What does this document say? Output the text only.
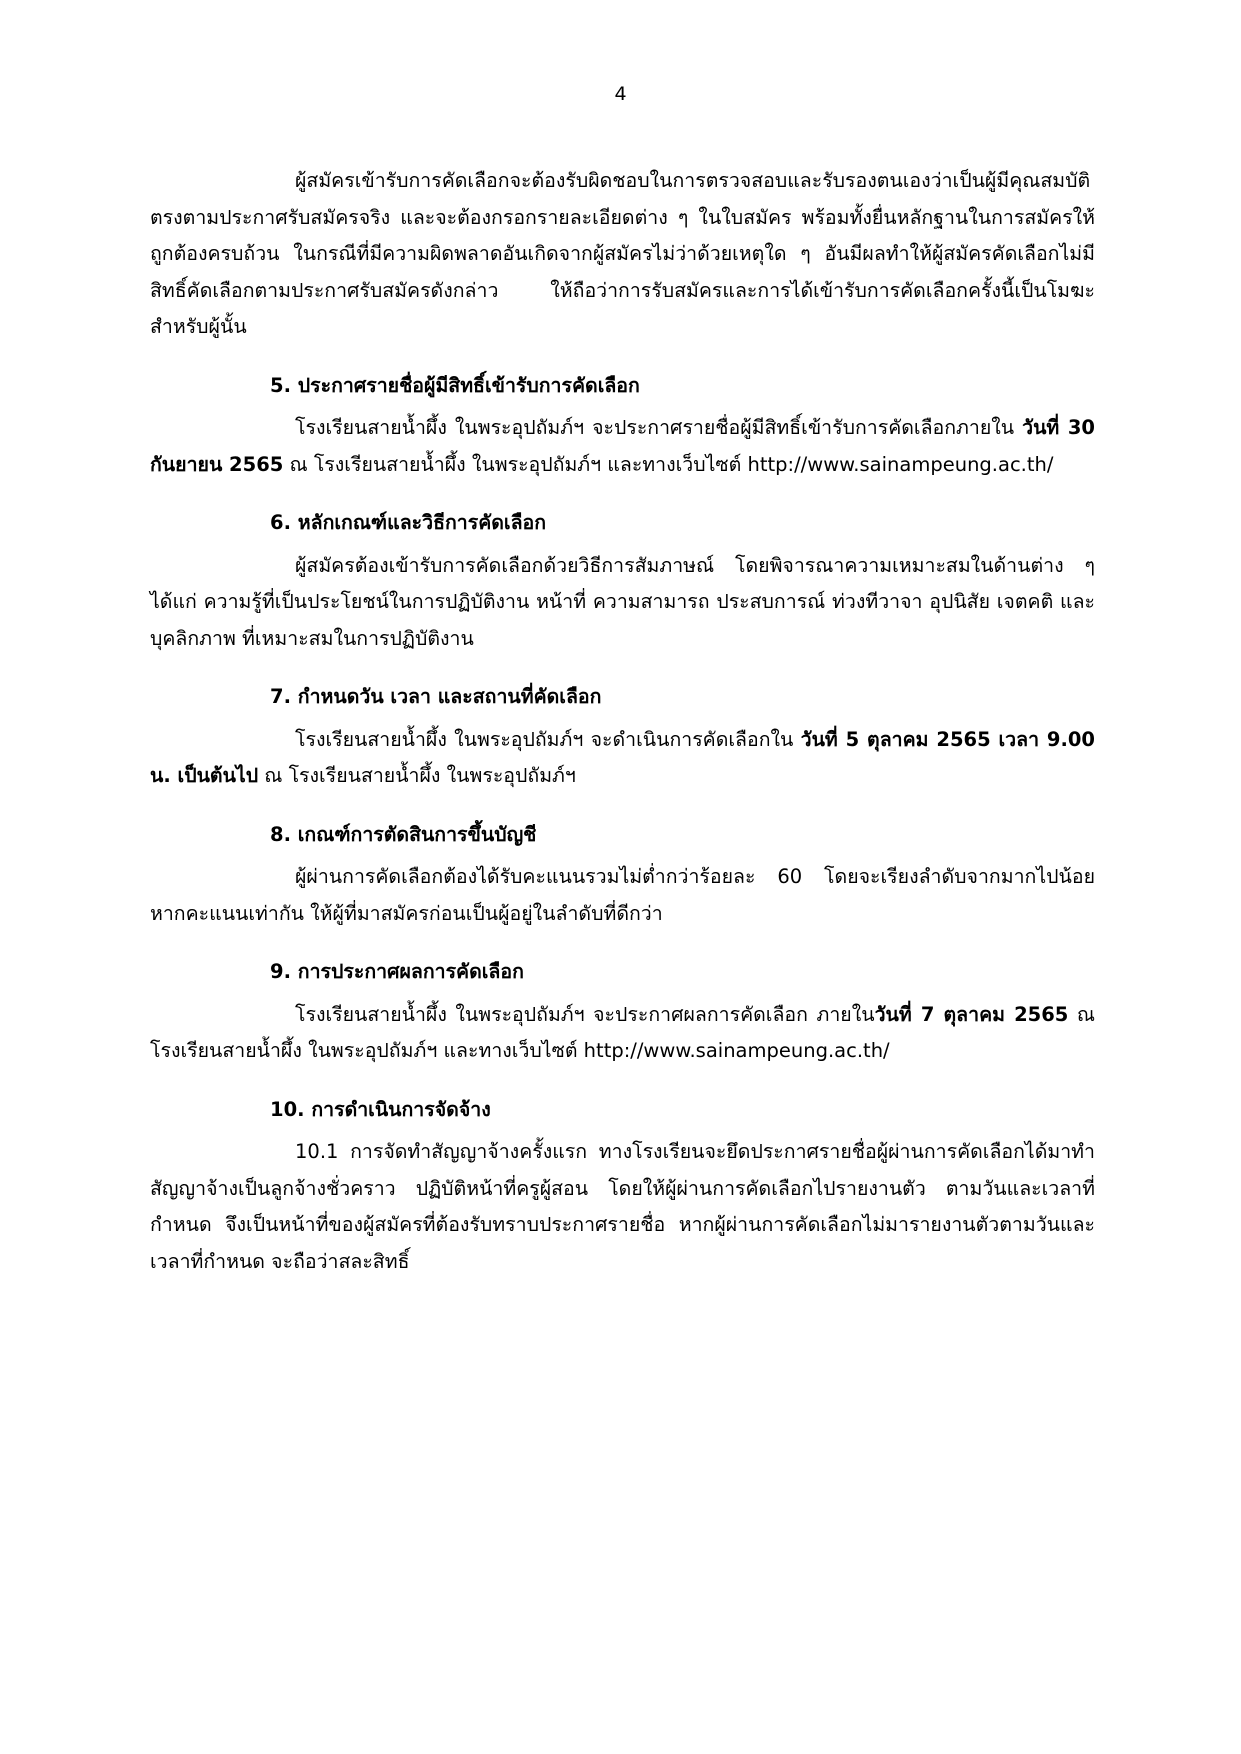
4

ผู้สมัครเข้ารับการคัดเลือกจะต้องรับผิดชอบในการตรวจสอบและรับรองตนเองว่าเป็นผู้มีคุณสมบัติตรงตามประกาศรับสมัครจริง และจะต้องกรอกรายละเอียดต่าง ๆ ในใบสมัคร พร้อมทั้งยื่นหลักฐานในการสมัครให้ถูกต้องครบถ้วน ในกรณีที่มีความผิดพลาดอันเกิดจากผู้สมัครไม่ว่าด้วยเหตุใด ๆ อันมีผลทำให้ผู้สมัครคัดเลือกไม่มีสิทธิ์คัดเลือกตามประกาศรับสมัครดังกล่าว ให้ถือว่าการรับสมัครและการได้เข้ารับการคัดเลือกครั้งนี้เป็นโมฆะสำหรับผู้นั้น

5. ประกาศรายชื่อผู้มีสิทธิ์เข้ารับการคัดเลือก

โรงเรียนสายน้ำผึ้ง ในพระอุปถัมภ์ฯ จะประกาศรายชื่อผู้มีสิทธิ์เข้ารับการคัดเลือกภายใน วันที่ 30 กันยายน 2565 ณ โรงเรียนสายน้ำผึ้ง ในพระอุปถัมภ์ฯ และทางเว็บไซต์ http://www.sainampeung.ac.th/

6. หลักเกณฑ์และวิธีการคัดเลือก

ผู้สมัครต้องเข้ารับการคัดเลือกด้วยวิธีการสัมภาษณ์ โดยพิจารณาความเหมาะสมในด้านต่าง ๆ ได้แก่ ความรู้ที่เป็นประโยชน์ในการปฏิบัติงาน หน้าที่ ความสามารถ ประสบการณ์ ท่วงทีวาจา อุปนิสัย เจตคติ และบุคลิกภาพ ที่เหมาะสมในการปฏิบัติงาน

7. กำหนดวัน เวลา และสถานที่คัดเลือก

โรงเรียนสายน้ำผึ้ง ในพระอุปถัมภ์ฯ จะดำเนินการคัดเลือกใน วันที่ 5 ตุลาคม 2565 เวลา 9.00 น. เป็นต้นไป ณ โรงเรียนสายน้ำผึ้ง ในพระอุปถัมภ์ฯ

8. เกณฑ์การตัดสินการขึ้นบัญชี

ผู้ผ่านการคัดเลือกต้องได้รับคะแนนรวมไม่ต่ำกว่าร้อยละ 60 โดยจะเรียงลำดับจากมากไปน้อย หากคะแนนเท่ากัน ให้ผู้ที่มาสมัครก่อนเป็นผู้อยู่ในลำดับที่ดีกว่า

9. การประกาศผลการคัดเลือก

โรงเรียนสายน้ำผึ้ง ในพระอุปถัมภ์ฯ จะประกาศผลการคัดเลือก ภายในวันที่ 7 ตุลาคม 2565 ณ โรงเรียนสายน้ำผึ้ง ในพระอุปถัมภ์ฯ และทางเว็บไซต์ http://www.sainampeung.ac.th/

10. การดำเนินการจัดจ้าง

10.1 การจัดทำสัญญาจ้างครั้งแรก ทางโรงเรียนจะยึดประกาศรายชื่อผู้ผ่านการคัดเลือกได้มาทำสัญญาจ้างเป็นลูกจ้างชั่วคราว ปฏิบัติหน้าที่ครูผู้สอน โดยให้ผู้ผ่านการคัดเลือกไปรายงานตัว ตามวันและเวลาที่กำหนด จึงเป็นหน้าที่ของผู้สมัครที่ต้องรับทราบประกาศรายชื่อ หากผู้ผ่านการคัดเลือกไม่มารายงานตัวตามวันและเวลาที่กำหนด จะถือว่าสละสิทธิ์
